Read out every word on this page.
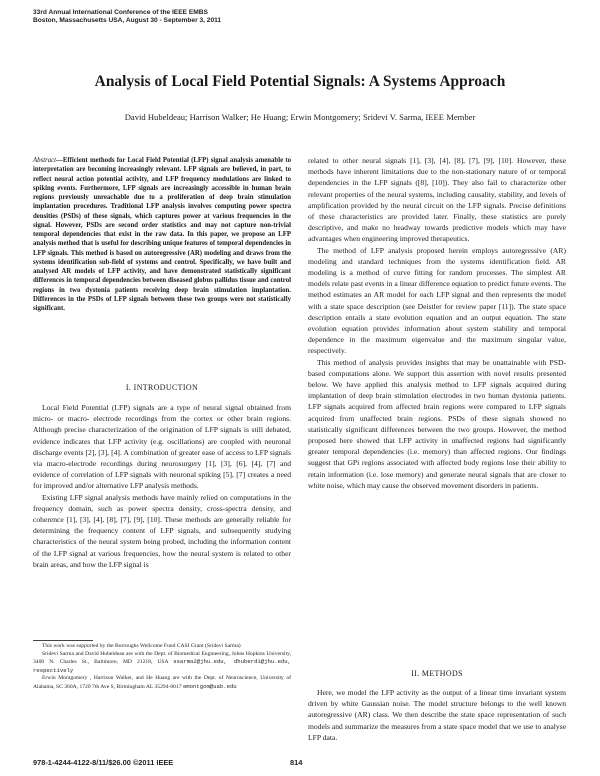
33rd Annual International Conference of the IEEE EMBS
Boston, Massachusetts USA, August 30 - September 3, 2011
Analysis of Local Field Potential Signals: A Systems Approach
David Hubeldeau; Harrison Walker; He Huang; Erwin Montgomery; Sridevi V. Sarma, IEEE Member
Abstract—Efficient methods for Local Field Potential (LFP) signal analysis amenable to interpretation are becoming increasingly relevant. LFP signals are believed, in part, to reflect neural action potential activity, and LFP frequency modulations are linked to spiking events. Furthermore, LFP signals are increasingly accessible in human brain regions previously unreachable due to a proliferation of deep brain stimulation implantation procedures. Traditional LFP analysis involves computing power spectra densities (PSDs) of these signals, which captures power at various frequencies in the signal. However, PSDs are second order statistics and may not capture non-trivial temporal dependencies that exist in the raw data. In this paper, we propose an LFP analysis method that is useful for describing unique features of temporal dependencies in LFP signals. This method is based on autoregressive (AR) modeling and draws from the systems identification sub-field of systems and control. Specifically, we have built and analysed AR models of LFP activity, and have demonstrated statistically significant differences in temporal dependencies between diseased globus pallidus tissue and control regions in two dystonia patients receiving deep brain stimulation implantation. Differences in the PSDs of LFP signals between these two groups were not statistically significant.

I. INTRODUCTION

Local Field Potential (LFP) signals are a type of neural signal obtained from micro- or macro- electrode recordings from the cortex or other brain regions. Although precise characterization of the origination of LFP signals is still debated, evidence indicates that LFP activity (e.g. oscillations) are coupled with neuronal discharge events [2], [3], [4]. A combination of greater ease of access to LFP signals via macro-electrode recordings during neurosurgery [1], [3], [6], [4], [7] and evidence of correlation of LFP signals with neuronal spiking [5], [7] creates a need for improved and/or alternative LFP analysis methods.

Existing LFP signal analysis methods have mainly relied on computations in the frequency domain, such as power spectra density, cross-spectra density, and coherence [1], [3], [4], [8], [7], [9], [10]. These methods are generally reliable for determining the frequency content of LFP signals, and subsequently studying characteristics of the neural system being probed, including the information content of the LFP signal at various frequencies, how the neural system is related to other brain areas, and how the LFP signal is

This work was supported by the Burroughs Wellcome Fund CASI Grant (Sridevi Sarma)

Sridevi Sarma and David Hubeldeau are with the Dept. of Biomedical Engineering, Johns Hopkins University, 3400 N. Charles St., Baltimore, MD 21218, USA ssarma2@jhu.edu, dhuberd1@jhu.edu, respectively

Erwin Montgomery , Harrison Walker, and He Huang are with the Dept. of Neuroscience, University of Alabama, SC 360A, 1720 7th Ave S, Birmingham AL 35294-0017 emontgom@uab.edu

related to other neural signals [1], [3], [4], [8], [7], [9], [10]. However, these methods have inherent limitations due to the non-stationary nature of or temporal dependencies in the LFP signals ([8], [10]). They also fail to characterize other relevant properties of the neural systems, including causality, stability, and levels of amplification provided by the neural circuit on the LFP signals. Precise definitions of these characteristics are provided later. Finally, these statistics are purely descriptive, and make no headway towards predictive models which may have advantages when engineering improved therapeutics.

The method of LFP analysis proposed herein employs autoregressive (AR) modeling and standard techniques from the systems identification field. AR modeling is a method of curve fitting for random processes. The simplest AR models relate past events in a linear difference equation to predict future events. The method estimates an AR model for each LFP signal and then represents the model with a state space description (see Deistler for review paper [11]). The state space description entails a state evolution equation and an output equation. The state evolution equation provides information about system stability and temporal dependence in the maximum eigenvalue and the maximum singular value, respectively.

This method of analysis provides insights that may be unattainable with PSD-based computations alone. We support this assertion with novel results presented below. We have applied this analysis method to LFP signals acquired during implantation of deep brain stimulation electrodes in two human dystonia patients. LFP signals acquired from affected brain regions were compared to LFP signals acquired from unaffected brain regions. PSDs of these signals showed no statistically significant differences between the two groups. However, the method proposed here showed that LFP activity in unaffected regions had significantly greater temporal dependencies (i.e. memory) than affected regions. Our findings suggest that GPi regions associated with affected body regions lose their ability to retain information (i.e. lose memory) and generate neural signals that are closer to white noise, which may cause the observed movement disorders in patients.

II. METHODS

Here, we model the LFP activity as the output of a linear time invariant system driven by white Gaussian noise. The model structure belongs to the well known autoregressive (AR) class. We then describe the state space representation of such models and summarize the measures from a state space model that we use to analyse LFP data.

978-1-4244-4122-8/11/$26.00 ©2011 IEEE	814
